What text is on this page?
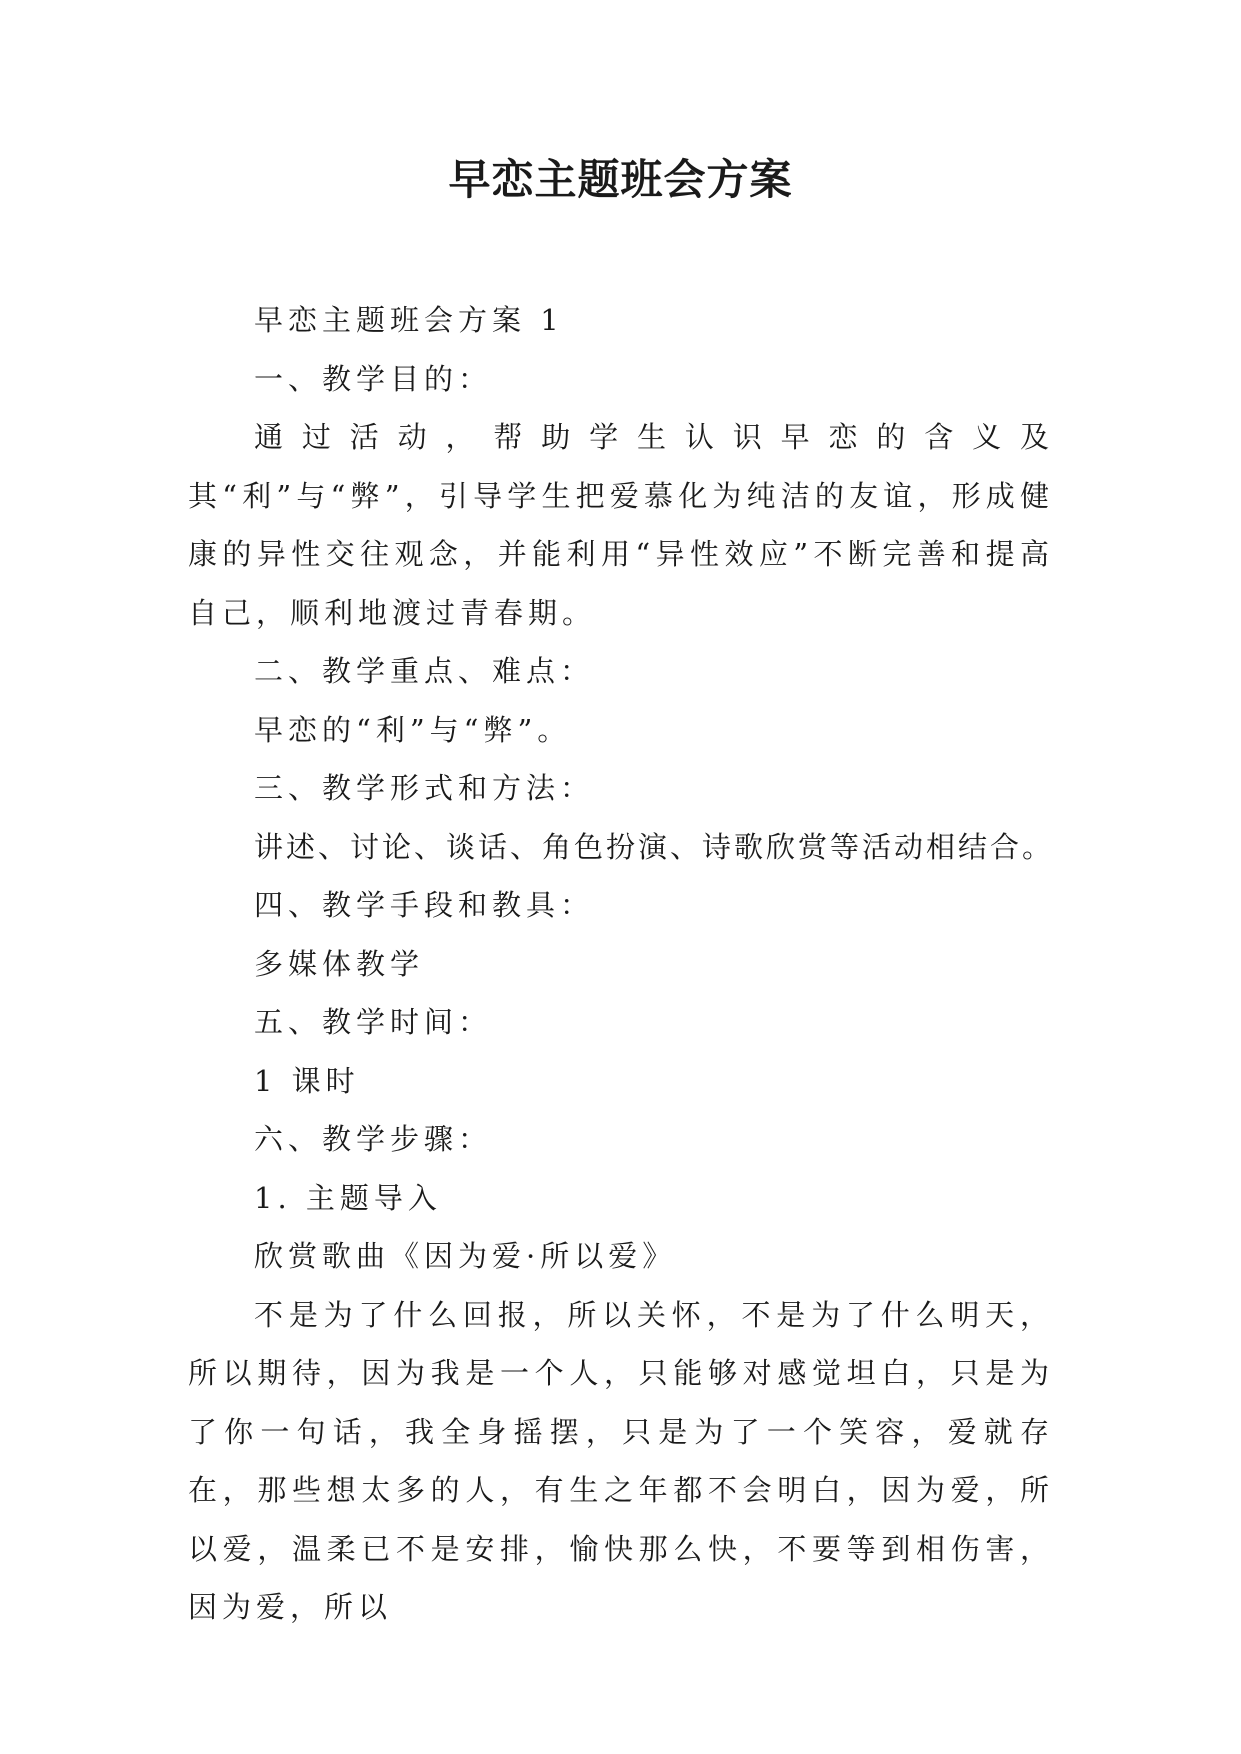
早恋主题班会方案

早恋主题班会方案 1

一、教学目的：

通过活动，帮助学生认识早恋的含义及其“利”与“弊”，引导学生把爱慕化为纯洁的友谊，形成健康的异性交往观念，并能利用“异性效应”不断完善和提高自己，顺利地渡过青春期。

二、教学重点、难点：

早恋的“利”与“弊”。

三、教学形式和方法：

讲述、讨论、谈话、角色扮演、诗歌欣赏等活动相结合。

四、教学手段和教具：

多媒体教学

五、教学时间：

1 课时

六、教学步骤：

1. 主题导入

欣赏歌曲《因为爱·所以爱》

不是为了什么回报，所以关怀，不是为了什么明天，所以期待，因为我是一个人，只能够对感觉坦白，只是为了你一句话，我全身摇摆，只是为了一个笑容，爱就存在，那些想太多的人，有生之年都不会明白，因为爱，所以爱，温柔已不是安排，愉快那么快，不要等到相伤害，因为爱，所以
